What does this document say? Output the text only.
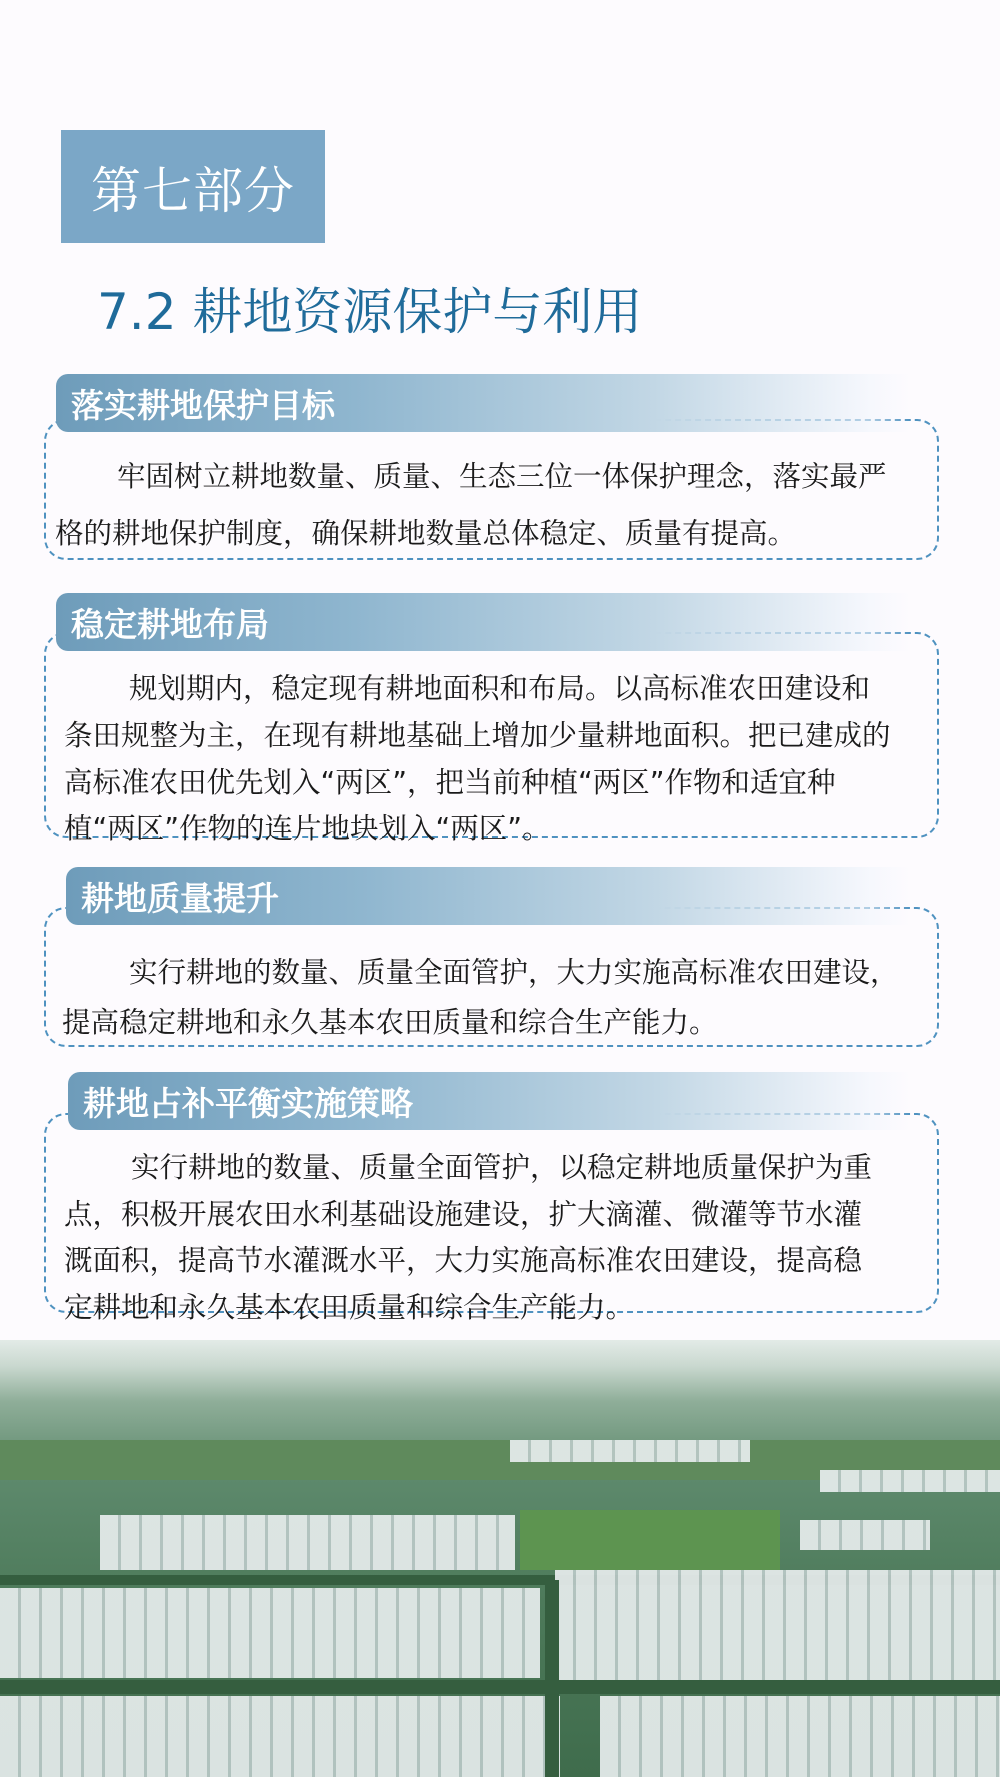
第七部分
7.2 耕地资源保护与利用
落实耕地保护目标
牢固树立耕地数量、质量、生态三位一体保护理念，落实最严
格的耕地保护制度，确保耕地数量总体稳定、质量有提高。
稳定耕地布局
规划期内，稳定现有耕地面积和布局。以高标准农田建设和
条田规整为主，在现有耕地基础上增加少量耕地面积。把已建成的
高标准农田优先划入“两区”，把当前种植“两区”作物和适宜种
植“两区”作物的连片地块划入“两区”。
耕地质量提升
实行耕地的数量、质量全面管护，大力实施高标准农田建设，
提高稳定耕地和永久基本农田质量和综合生产能力。
耕地占补平衡实施策略
实行耕地的数量、质量全面管护，以稳定耕地质量保护为重
点，积极开展农田水利基础设施建设，扩大滴灌、微灌等节水灌
溉面积，提高节水灌溉水平，大力实施高标准农田建设，提高稳
定耕地和永久基本农田质量和综合生产能力。
